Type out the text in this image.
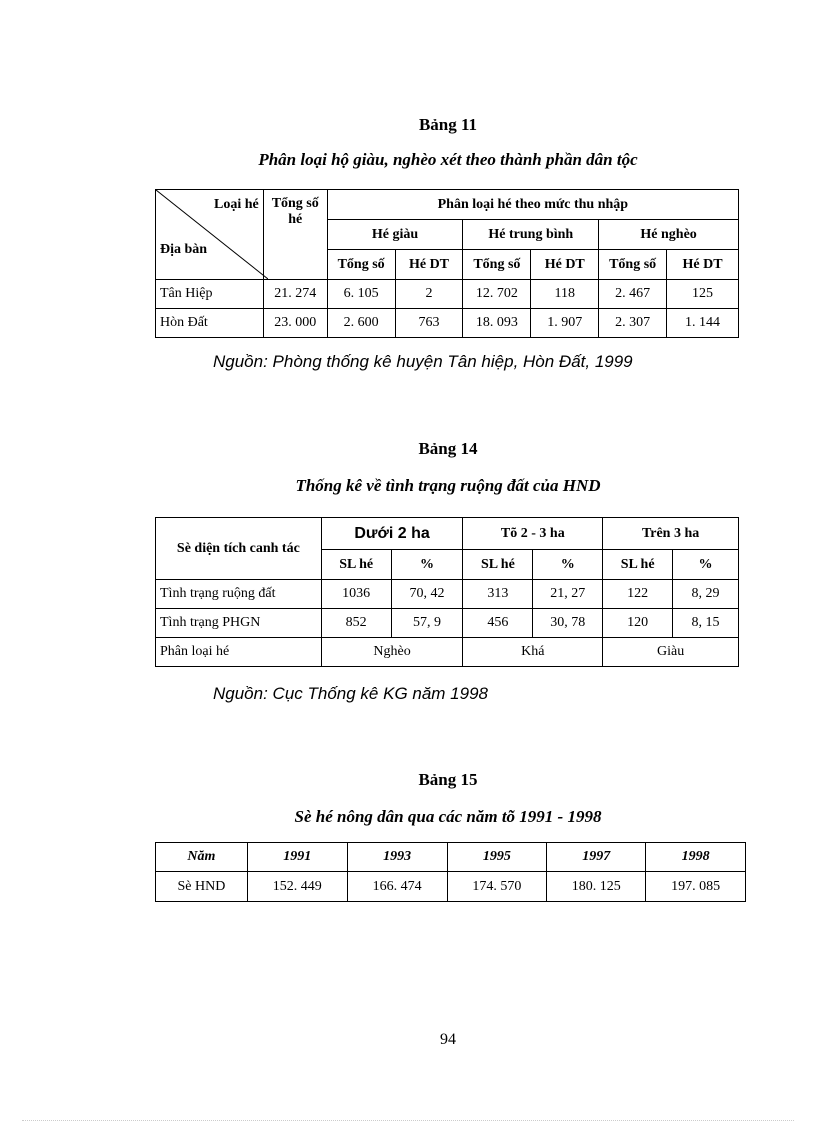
Bảng 11
Phân loại hộ giàu, nghèo xét theo thành phần dân tộc
Loại hé
Địa bàn	Tổng số hé	Phân loại hé theo mức thu nhập					
		Hé giàu		Hé trung bình		Hé nghèo	
		Tổng số	Hé DT	Tổng số	Hé DT	Tổng số	Hé DT
Tân Hiệp	21. 274	6. 105	2	12. 702	118	2. 467	125
Hòn Đất	23. 000	2. 600	763	18. 093	1. 907	2. 307	1. 144
Nguồn: Phòng thống kê huyện Tân hiệp, Hòn Đất, 1999
Bảng 14
Thống kê về tình trạng ruộng đất của HND
Sè diện tích canh tác	Dưới 2 ha		Tõ 2 - 3 ha		Trên 3 ha	
	SL hé	%	SL hé	%	SL hé	%
Tình trạng ruộng đất	1036	70, 42	313	21, 27	122	8, 29
Tình trạng PHGN	852	57, 9	456	30, 78	120	8, 15
Phân loại hé	Nghèo		Khá		Giàu	
Nguồn: Cục Thống kê KG năm 1998
Bảng 15
Sè hé nông dân qua các năm tõ 1991 - 1998
Năm	1991	1993	1995	1997	1998
Sè HND	152. 449	166. 474	174. 570	180. 125	197. 085
94
